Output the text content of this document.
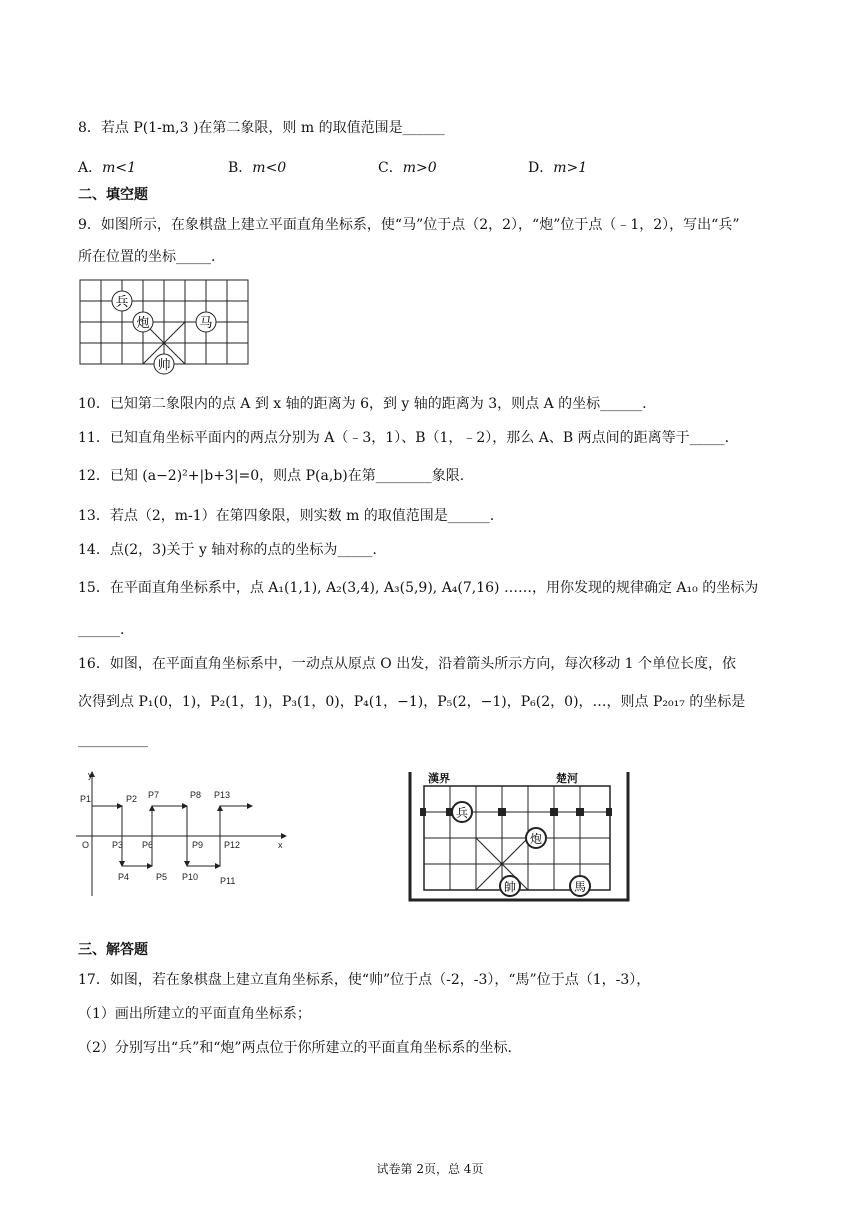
8．若点 P(1-m,3 )在第二象限，则 m 的取值范围是______
A．m<1	B．m<0	C．m>0	D．m>1
二、填空题
9．如图所示，在象棋盘上建立平面直角坐标系，使“马”位于点（2，2），“炮”位于点（﹣1，2），写出“兵”
所在位置的坐标_____.
兵
炮	马
帅
10．已知第二象限内的点 A 到 x 轴的距离为 6，到 y 轴的距离为 3，则点 A 的坐标______.
11．已知直角坐标平面内的两点分别为 A（﹣3，1）、B（1，﹣2），那么 A、B 两点间的距离等于_____.
12．已知 (a−2)²+|b+3|=0，则点 P(a,b)在第________象限.
13．若点（2，m-1）在第四象限，则实数 m 的取值范围是______.
14．点(2，3)关于 y 轴对称的点的坐标为_____.
15．在平面直角坐标系中，点 A₁(1,1), A₂(3,4), A₃(5,9), A₄(7,16) ……，用你发现的规律确定 A₁₀ 的坐标为
______.
16．如图，在平面直角坐标系中，一动点从原点 O 出发，沿着箭头所示方向，每次移动 1 个单位长度，依
次得到点 P₁(0，1)，P₂(1，1)，P₃(1，0)，P₄(1，−1)，P₅(2，−1)，P₆(2，0)，…，则点 P₂₀₁₇ 的坐标是
__________
y
x
O
P1	P2
P3
P4	P5
P6
P7	P8
P9
P10 P11
P12
P13
漢界	楚河
兵
炮
帥	馬
三、解答题
17．如图，若在象棋盘上建立直角坐标系，使“帅”位于点（-2，-3），“馬”位于点（1，-3），
（1）画出所建立的平面直角坐标系；
（2）分别写出“兵”和“炮”两点位于你所建立的平面直角坐标系的坐标.
试卷第 2页，总 4页
